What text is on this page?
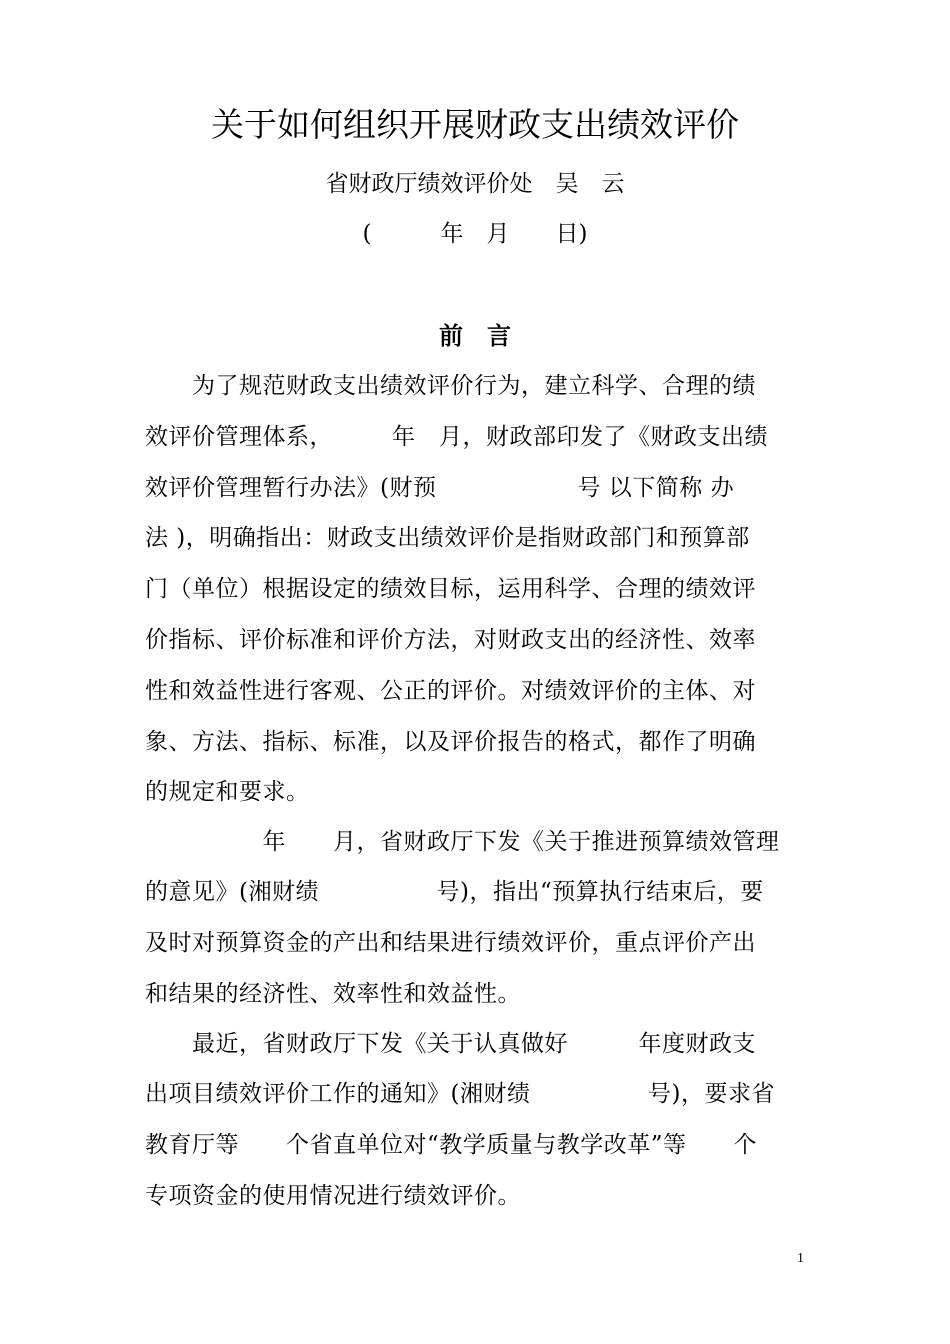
关于如何组织开展财政支出绩效评价
省财政厅绩效评价处　吴　云
(　　　年　月　　日)
前　言
　　为了规范财政支出绩效评价行为，建立科学、合理的绩
效评价管理体系，　　　年　月，财政部印发了《财政支出绩
效评价管理暂行办法》(财预　　　　　　号 以下简称 办
法 )，明确指出：财政支出绩效评价是指财政部门和预算部
门（单位）根据设定的绩效目标，运用科学、合理的绩效评
价指标、评价标准和评价方法，对财政支出的经济性、效率
性和效益性进行客观、公正的评价。对绩效评价的主体、对
象、方法、指标、标准，以及评价报告的格式，都作了明确
的规定和要求。
　　　　　年　　月，省财政厅下发《关于推进预算绩效管理
的意见》(湘财绩　　　　　号)，指出“预算执行结束后，要
及时对预算资金的产出和结果进行绩效评价，重点评价产出
和结果的经济性、效率性和效益性。
　　最近，省财政厅下发《关于认真做好　　　年度财政支
出项目绩效评价工作的通知》(湘财绩　　　　　号)，要求省
教育厅等　　个省直单位对“教学质量与教学改革”等　　个
专项资金的使用情况进行绩效评价。
1
